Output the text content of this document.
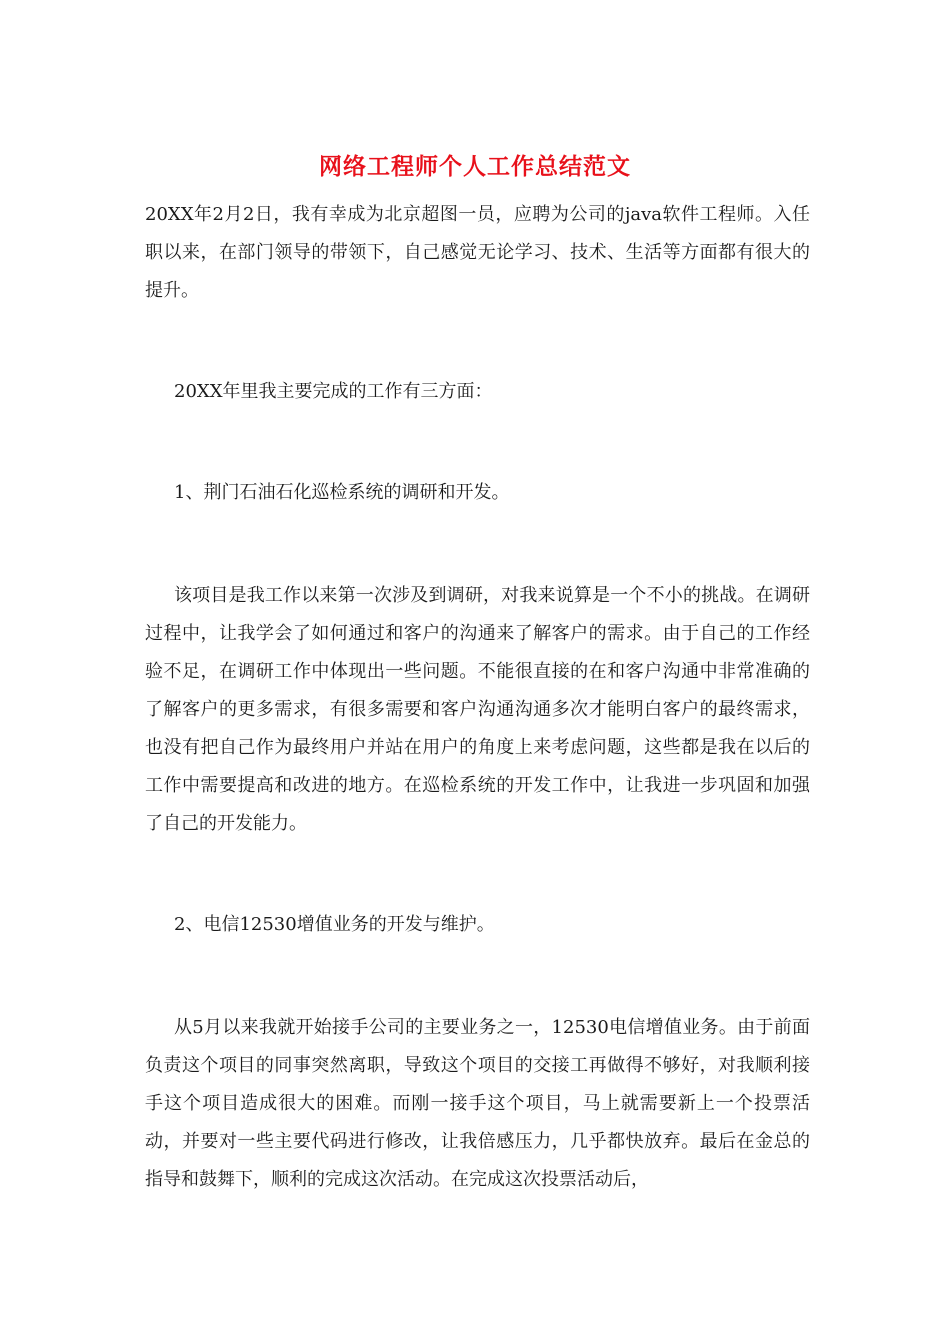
网络工程师个人工作总结范文

20XX年2月2日，我有幸成为北京超图一员，应聘为公司的java软件工程师。入任职以来，在部门领导的带领下，自己感觉无论学习、技术、生活等方面都有很大的提升。

20XX年里我主要完成的工作有三方面：

1、荆门石油石化巡检系统的调研和开发。

该项目是我工作以来第一次涉及到调研，对我来说算是一个不小的挑战。在调研过程中，让我学会了如何通过和客户的沟通来了解客户的需求。由于自己的工作经验不足，在调研工作中体现出一些问题。不能很直接的在和客户沟通中非常准确的了解客户的更多需求，有很多需要和客户沟通沟通多次才能明白客户的最终需求，也没有把自己作为最终用户并站在用户的角度上来考虑问题，这些都是我在以后的工作中需要提高和改进的地方。在巡检系统的开发工作中，让我进一步巩固和加强了自己的开发能力。

2、电信12530增值业务的开发与维护。

从5月以来我就开始接手公司的主要业务之一，12530电信增值业务。由于前面负责这个项目的同事突然离职，导致这个项目的交接工再做得不够好，对我顺利接手这个项目造成很大的困难。而刚一接手这个项目，马上就需要新上一个投票活动，并要对一些主要代码进行修改，让我倍感压力，几乎都快放弃。最后在金总的指导和鼓舞下，顺利的完成这次活动。在完成这次投票活动后，
